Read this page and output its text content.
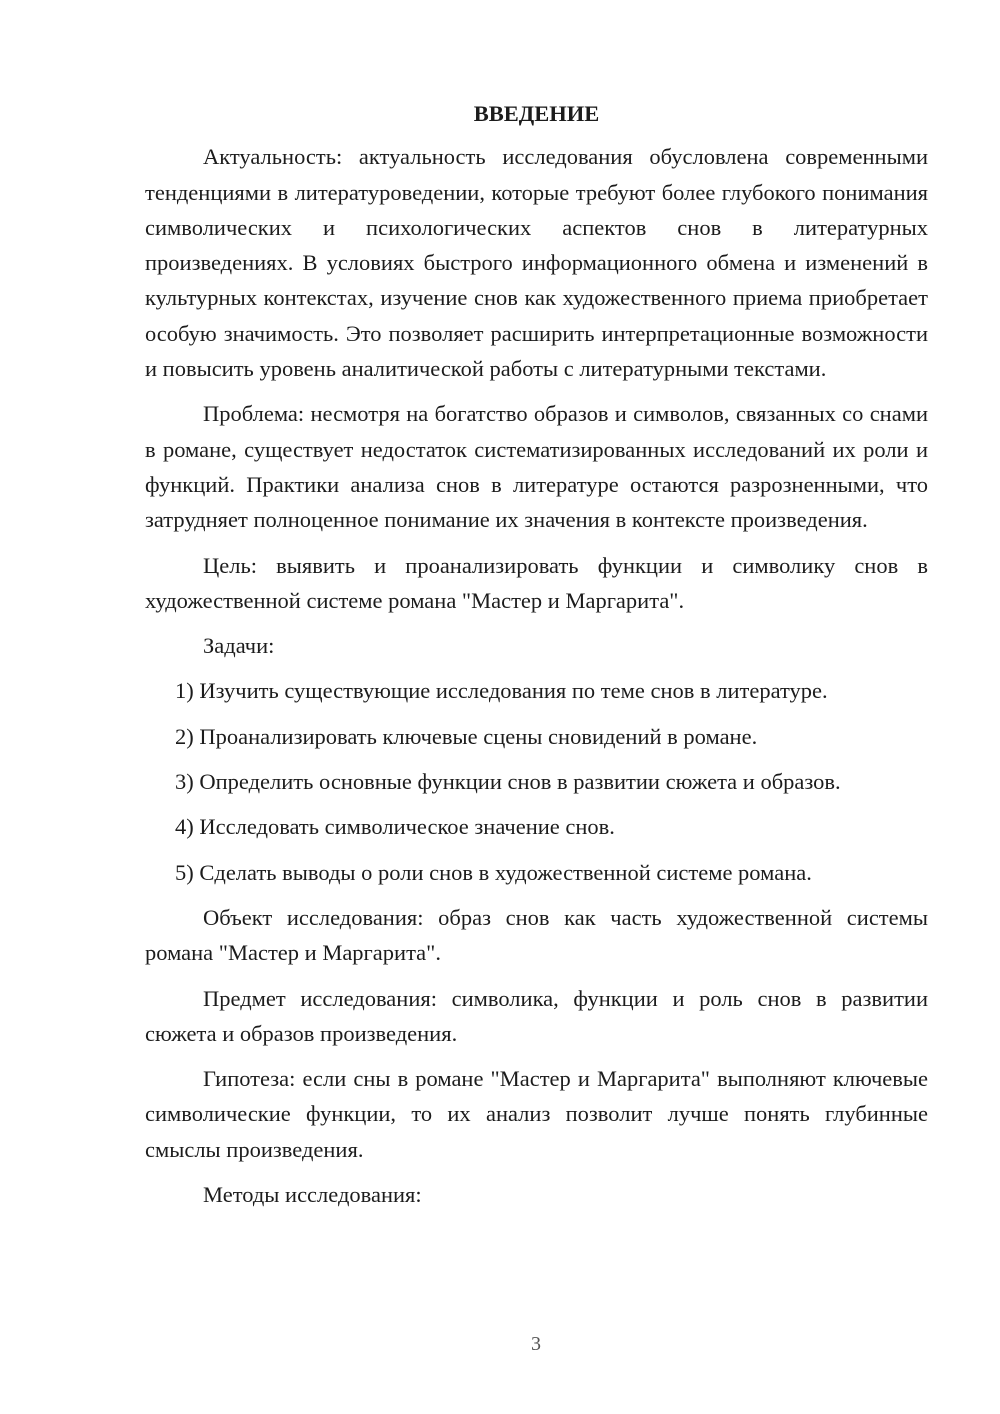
ВВЕДЕНИЕ

Актуальность: актуальность исследования обусловлена современными тенденциями в литературоведении, которые требуют более глубокого понимания символических и психологических аспектов снов в литературных произведениях. В условиях быстрого информационного обмена и изменений в культурных контекстах, изучение снов как художественного приема приобретает особую значимость. Это позволяет расширить интерпретационные возможности и повысить уровень аналитической работы с литературными текстами.

Проблема: несмотря на богатство образов и символов, связанных со снами в романе, существует недостаток систематизированных исследований их роли и функций. Практики анализа снов в литературе остаются разрозненными, что затрудняет полноценное понимание их значения в контексте произведения.

Цель: выявить и проанализировать функции и символику снов в художественной системе романа "Мастер и Маргарита".

Задачи:

1) Изучить существующие исследования по теме снов в литературе.

2) Проанализировать ключевые сцены сновидений в романе.

3) Определить основные функции снов в развитии сюжета и образов.

4) Исследовать символическое значение снов.

5) Сделать выводы о роли снов в художественной системе романа.

Объект исследования: образ снов как часть художественной системы романа "Мастер и Маргарита".

Предмет исследования: символика, функции и роль снов в развитии сюжета и образов произведения.

Гипотеза: если сны в романе "Мастер и Маргарита" выполняют ключевые символические функции, то их анализ позволит лучше понять глубинные смыслы произведения.

Методы исследования:

3
